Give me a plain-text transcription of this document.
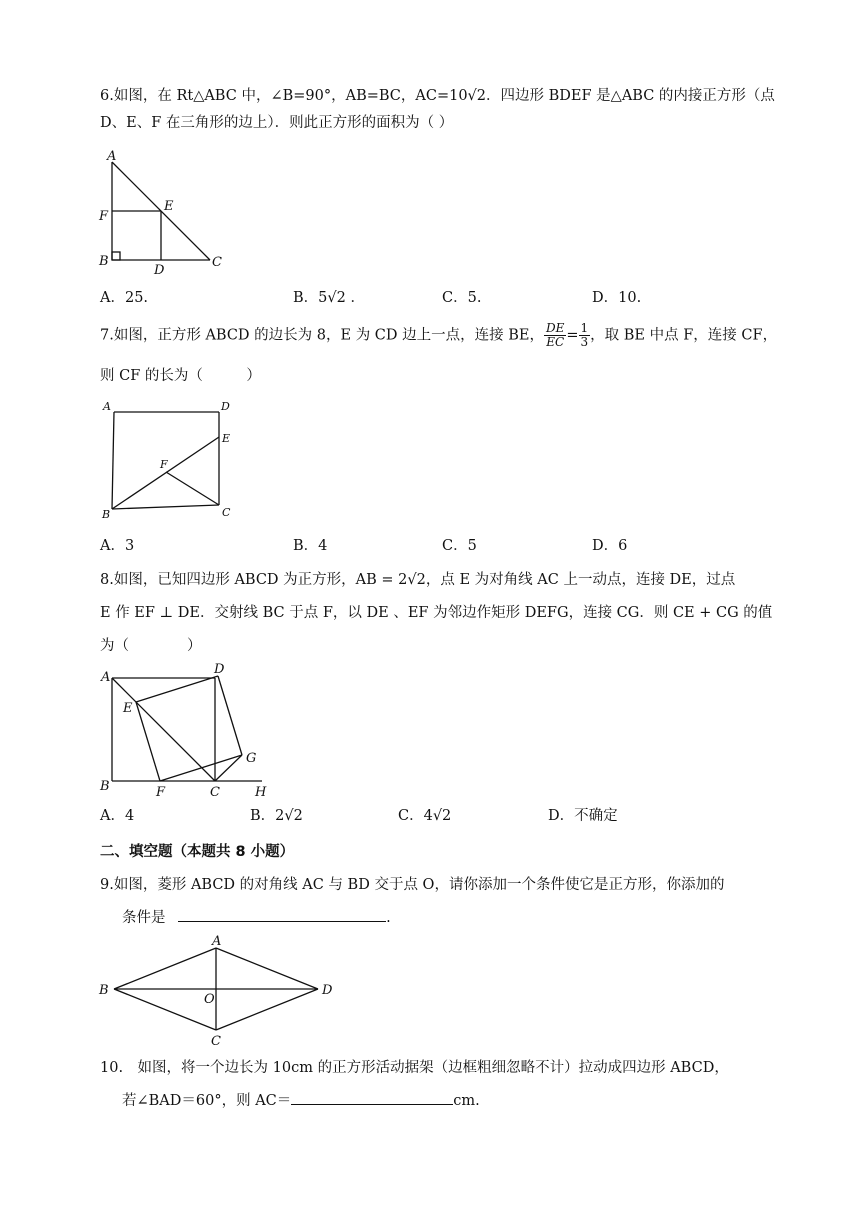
6.如图，在 Rt△ABC 中，∠B=90°，AB=BC，AC=10√2．四边形 BDEF 是△ABC 的内接正方形（点
D、E、F 在三角形的边上）．则此正方形的面积为（ ）
A
F
E
B
D
C
A．25.	B．5√2 ．	C．5.	D．10.
7.如图，正方形 ABCD 的边长为 8，E 为 CD 边上一点，连接 BE， $\frac{DE}{EC} = \frac{1}{3}$ ，取 BE 中点 F，连接 CF，
则 CF 的长为（　　　）
A	D
E
F
B	C
A．3	B．4	C．5	D．6
8.如图，已知四边形 ABCD 为正方形，AB = 2√2，点 E 为对角线 AC 上一动点，连接 DE，过点
E 作 EF ⊥ DE．交射线 BC 于点 F，以 DE 、EF 为邻边作矩形 DEFG，连接 CG．则 CE + CG 的值
为（　　　　）
A
D
E
G
B	F	C	H
A．4	B．2√2	C．4√2	D．不确定
二、填空题（本题共 8 小题）
9.如图，菱形 ABCD 的对角线 AC 与 BD 交于点 O，请你添加一个条件使它是正方形，你添加的
条件是	.
A
B
O
D
C
10.　如图，将一个边长为 10cm 的正方形活动据架（边框粗细忽略不计）拉动成四边形 ABCD，
若∠BAD＝60°，则 AC＝	cm.
